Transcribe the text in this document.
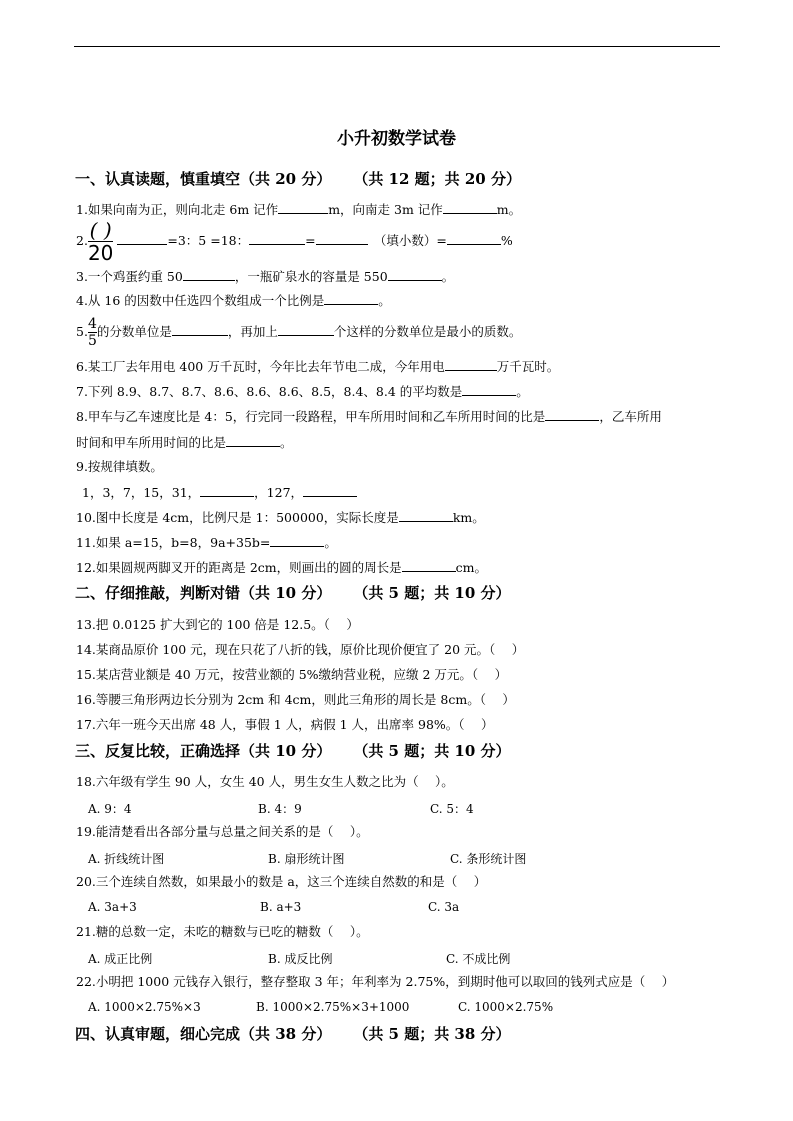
小升初数学试卷
一、认真读题，慎重填空（共 20 分） （共 12 题；共 20 分）
1.如果向南为正，则向北走 6m 记作	m，向南走 3m 记作	m。
2. $\frac{( )}{20}$	=3：5 =18：	=　	（填小数）=	%
3.一个鸡蛋约重 50	，一瓶矿泉水的容量是 550	。
4.从 16 的因数中任选四个数组成一个比例是	。
5. $\frac{4}{5}$ 的分数单位是	，再加上	个这样的分数单位是最小的质数。
6.某工厂去年用电 400 万千瓦时，今年比去年节电二成，今年用电	万千瓦时。
7.下列 8.9、8.7、8.7、8.6、8.6、8.6、8.5，8.4、8.4 的平均数是	。
8.甲车与乙车速度比是 4：5，行完同一段路程，甲车所用时间和乙车所用时间的比是	，乙车所用
时间和甲车所用时间的比是	。
9.按规律填数。
1，3，7，15，31，	，127，
10.图中长度是 4cm，比例尺是 1：500000，实际长度是	km。
11.如果 a=15，b=8，9a+35b=	。
12.如果圆规两脚叉开的距离是 2cm，则画出的圆的周长是	cm。
二、仔细推敲，判断对错（共 10 分） （共 5 题；共 10 分）
13.把 0.0125 扩大到它的 100 倍是 12.5。（　 ）
14.某商品原价 100 元，现在只花了八折的钱，原价比现价便宜了 20 元。（　 ）
15.某店营业额是 40 万元，按营业额的 5%缴纳营业税，应缴 2 万元。（　 ）
16.等腰三角形两边长分别为 2cm 和 4cm，则此三角形的周长是 8cm。（　 ）
17.六年一班今天出席 48 人，事假 1 人，病假 1 人，出席率 98%。（　 ）
三、反复比较，正确选择（共 10 分） （共 5 题；共 10 分）
18.六年级有学生 90 人，女生 40 人，男生女生人数之比为（　 ）。
A. 9：4	B. 4：9	C. 5：4
19.能清楚看出各部分量与总量之间关系的是（　 ）。
A. 折线统计图	B. 扇形统计图	C. 条形统计图
20.三个连续自然数，如果最小的数是 a，这三个连续自然数的和是（　 ）
A. 3a+3	B. a+3	C. 3a
21.糖的总数一定，未吃的糖数与已吃的糖数（　 ）。
A. 成正比例	B. 成反比例	C. 不成比例
22.小明把 1000 元钱存入银行，整存整取 3 年；年利率为 2.75%，到期时他可以取回的钱列式应是（　 ）
A. 1000×2.75%×3	B. 1000×2.75%×3+1000	C. 1000×2.75%
四、认真审题，细心完成（共 38 分） （共 5 题；共 38 分）
